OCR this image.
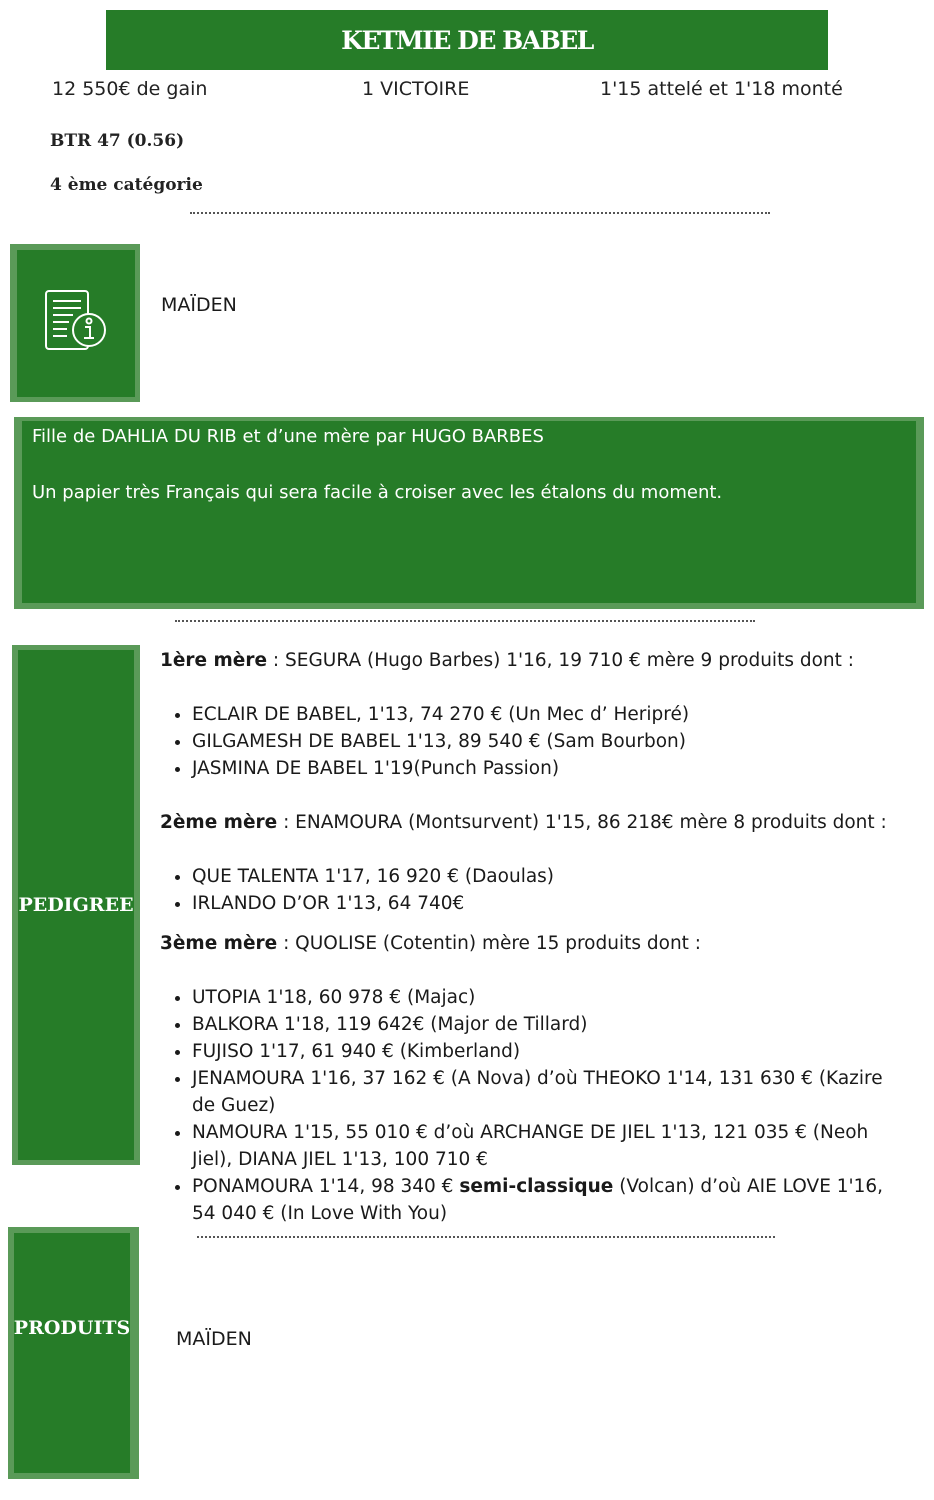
KETMIE DE BABEL
12 550€ de gain	1 VICTOIRE	1'15 attelé et 1'18 monté
BTR 47 (0.56)
4 ème catégorie
MAÏDEN
Fille de DAHLIA DU RIB et d’une mère par HUGO BARBES
Un papier très Français qui sera facile à croiser avec les étalons du moment.
PEDIGREE

1ère mère : SEGURA (Hugo Barbes) 1'16, 19 710 € mère 9 produits dont :

• ECLAIR DE BABEL, 1'13, 74 270 € (Un Mec d’ Heripré)
• GILGAMESH DE BABEL 1'13, 89 540 € (Sam Bourbon)
• JASMINA DE BABEL 1'19(Punch Passion)

2ème mère : ENAMOURA (Montsurvent) 1'15, 86 218€ mère 8 produits dont :

• QUE TALENTA 1'17, 16 920 € (Daoulas)
• IRLANDO D’OR 1'13, 64 740€

3ème mère : QUOLISE (Cotentin) mère 15 produits dont :

• UTOPIA 1'18, 60 978 € (Majac)
• BALKORA 1'18, 119 642€ (Major de Tillard)
• FUJISO 1'17, 61 940 € (Kimberland)
• JENAMOURA 1'16, 37 162 € (A Nova) d’où THEOKO 1'14, 131 630 € (Kazire de Guez)
• NAMOURA 1'15, 55 010 € d’où ARCHANGE DE JIEL 1'13, 121 035 € (Neoh Jiel), DIANA JIEL 1'13, 100 710 €
• PONAMOURA 1'14, 98 340 € semi-classique (Volcan) d’où AIE LOVE 1'16, 54 040 € (In Love With You)
PRODUITS MAÏDEN
